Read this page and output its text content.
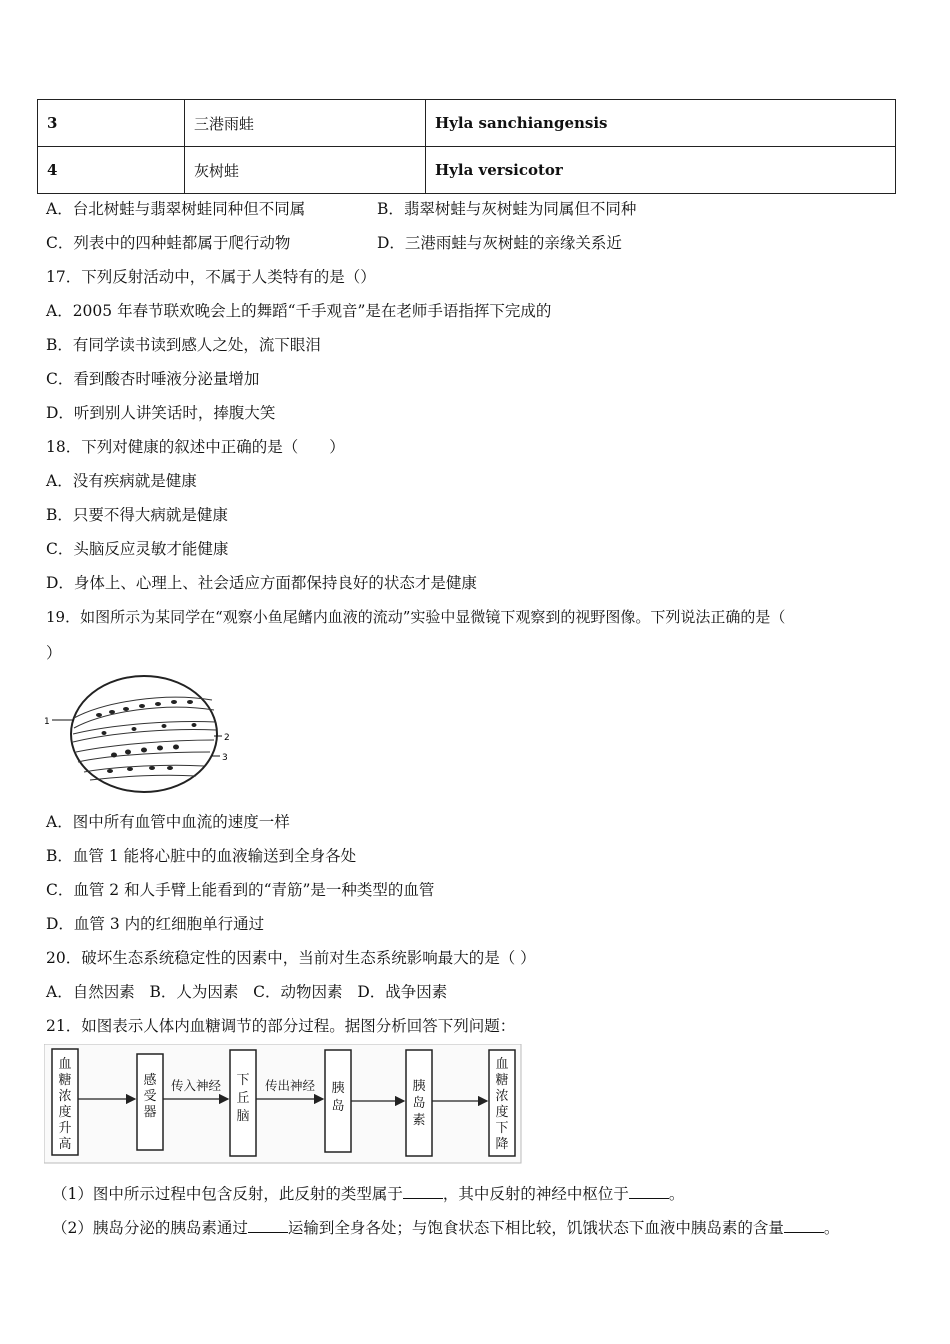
3	三港雨蛙	Hyla sanchiangensis
4	灰树蛙	Hyla versicotor
A．台北树蛙与翡翠树蛙同种但不同属	B．翡翠树蛙与灰树蛙为同属但不同种
C．列表中的四种蛙都属于爬行动物	D．三港雨蛙与灰树蛙的亲缘关系近
17．下列反射活动中，不属于人类特有的是（）
A．2005 年春节联欢晚会上的舞蹈“千手观音”是在老师手语指挥下完成的
B．有同学读书读到感人之处，流下眼泪
C．看到酸杏时唾液分泌量增加
D．听到别人讲笑话时，捧腹大笑
18．下列对健康的叙述中正确的是（　　）
A．没有疾病就是健康
B．只要不得大病就是健康
C．头脑反应灵敏才能健康
D．身体上、心理上、社会适应方面都保持良好的状态才是健康
19．如图所示为某同学在“观察小鱼尾鳍内血液的流动”实验中显微镜下观察到的视野图像。下列说法正确的是（
）
1
2
3
A．图中所有血管中血流的速度一样
B．血管 1 能将心脏中的血液输送到全身各处
C．血管 2 和人手臂上能看到的“青筋”是一种类型的血管
D．血管 3 内的红细胞单行通过
20．破坏生态系统稳定性的因素中，当前对生态系统影响最大的是（ ）
A．自然因素 B．人为因素 C．动物因素 D．战争因素
21．如图表示人体内血糖调节的部分过程。据图分析回答下列问题：
血糖浓度升高
感受器
下丘脑
胰岛
胰岛素
血糖浓度下降
传入神经	传出神经
（1）图中所示过程中包含反射，此反射的类型属于	，其中反射的神经中枢位于	。
（2）胰岛分泌的胰岛素通过	运输到全身各处；与饱食状态下相比较，饥饿状态下血液中胰岛素的含量	。
